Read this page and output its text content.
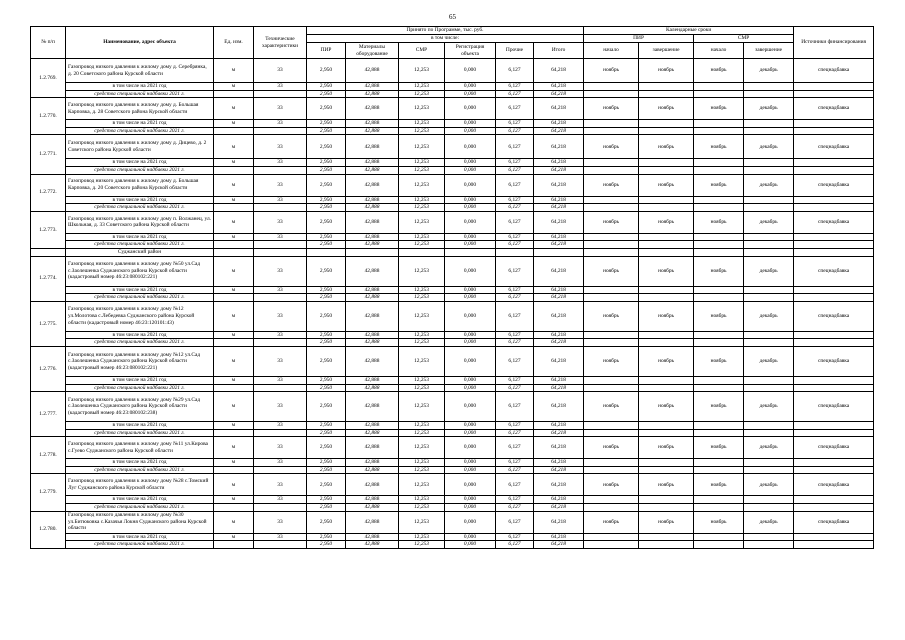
65
№ п/п	Наименование, адрес объекта	Ед. изм.	Технические характеристики	Принято по Программе, тыс. руб.						Календарные сроки				Источники финансирования
				в том числе:						ПИР		СМР		
				ПИР	Материалы оборудование	СМР	Регистрация объекта	Прочие	Итого	начало	завершение	начало	завершение	
1.2.769.	Газопровод низкого давления к жилому дому д. Серебрянка, д. 20 Советского района Курской области	м	33	2,950	42,888	12,253	0,000	6,127	64,218	ноябрь	ноябрь	ноябрь	декабрь	спецнадбавка
	в том числе на 2021 год	м	33	2,950	42,888	12,253	0,000	6,127	64,218					
	средства специальной надбавки 2021 г.			2,950	42,888	12,253	0,000	6,127	64,218					
1.2.770.	Газопровод низкого давления к жилому дому д. Большая Карповка, д. 28 Советского района Курской области	м	33	2,950	42,888	12,253	0,000	6,127	64,218	ноябрь	ноябрь	ноябрь	декабрь	спецнадбавка
	в том числе на 2021 год	м	33	2,950	42,888	12,253	0,000	6,127	64,218					
	средства специальной надбавки 2021 г.			2,950	42,888	12,253	0,000	6,127	64,218					
1.2.771.	Газопровод низкого давления к жилому дому д. Дицево, д. 2 Советского района Курской области	м	33	2,950	42,888	12,253	0,000	6,127	64,218	ноябрь	ноябрь	ноябрь	декабрь	спецнадбавка
	в том числе на 2021 год	м	33	2,950	42,888	12,253	0,000	6,127	64,218					
	средства специальной надбавки 2021 г.			2,950	42,888	12,253	0,000	6,127	64,218					
1.2.772.	Газопровод низкого давления к жилому дому д. Большая Карповка, д. 20 Советского района Курской области	м	33	2,950	42,888	12,253	0,000	6,127	64,218	ноябрь	ноябрь	ноябрь	декабрь	спецнадбавка
	в том числе на 2021 год	м	33	2,950	42,888	12,253	0,000	6,127	64,218					
	средства специальной надбавки 2021 г.			2,950	42,888	12,253	0,000	6,127	64,218					
1.2.773.	Газопровод низкого давления к жилому дому п. Волжанец, ул. Школьная, д. 33 Советского района Курской области	м	33	2,950	42,888	12,253	0,000	6,127	64,218	ноябрь	ноябрь	ноябрь	декабрь	спецнадбавка
	в том числе на 2021 год	м	33	2,950	42,888	12,253	0,000	6,127	64,218					
	средства специальной надбавки 2021 г.			2,950	42,888	12,253	0,000	6,127	64,218					
	Суджанский район													
1.2.774.	Газопровод низкого давления к жилому дому №50 ул.Сад с.Заолешенка Суджанского района Курской области (кадастровый номер 46:23:080102:221)	м	33	2,950	42,888	12,253	0,000	6,127	64,218	ноябрь	ноябрь	ноябрь	декабрь	спецнадбавка
	в том числе на 2021 год	м	33	2,950	42,888	12,253	0,000	6,127	64,218					
	средства специальной надбавки 2021 г.			2,950	42,888	12,253	0,000	6,127	64,218					
1.2.775.	Газопровод низкого давления к жилому дому №12 ул.Молотова с.Лебедевка Суджанского района Курской области (кадастровый номер 46:23:120101:43)	м	33	2,950	42,888	12,253	0,000	6,127	64,218	ноябрь	ноябрь	ноябрь	декабрь	спецнадбавка
	в том числе на 2021 год	м	33	2,950	42,888	12,253	0,000	6,127	64,218					
	средства специальной надбавки 2021 г.			2,950	42,888	12,253	0,000	6,127	64,218					
1.2.776.	Газопровод низкого давления к жилому дому №12 ул.Сад с.Заолешенка Суджанского района Курской области (кадастровый номер 46:23:080102:221)	м	33	2,950	42,888	12,253	0,000	6,127	64,218	ноябрь	ноябрь	ноябрь	декабрь	спецнадбавка
	в том числе на 2021 год	м	33	2,950	42,888	12,253	0,000	6,127	64,218					
	средства специальной надбавки 2021 г.			2,950	42,888	12,253	0,000	6,127	64,218					
1.2.777.	Газопровод низкого давления к жилому дому №29 ул.Сад с.Заолешенка Суджанского района Курской области (кадастровый номер 46:23:080102:238)	м	33	2,950	42,888	12,253	0,000	6,127	64,218	ноябрь	ноябрь	ноябрь	декабрь	спецнадбавка
	в том числе на 2021 год	м	33	2,950	42,888	12,253	0,000	6,127	64,218					
	средства специальной надбавки 2021 г.			2,950	42,888	12,253	0,000	6,127	64,218					
1.2.778.	Газопровод низкого давления к жилому дому №11 ул.Кирова с.Гуево Суджанского района Курской области	м	33	2,950	42,888	12,253	0,000	6,127	64,218	ноябрь	ноябрь	ноябрь	декабрь	спецнадбавка
	в том числе на 2021 год	м	33	2,950	42,888	12,253	0,000	6,127	64,218					
	средства специальной надбавки 2021 г.			2,950	42,888	12,253	0,000	6,127	64,218					
1.2.779.	Газопровод низкого давления к жилому дому №28 с.Томский Луг Суджанского района Курской области	м	33	2,950	42,888	12,253	0,000	6,127	64,218	ноябрь	ноябрь	ноябрь	декабрь	спецнадбавка
	в том числе на 2021 год	м	33	2,950	42,888	12,253	0,000	6,127	64,218					
	средства специальной надбавки 2021 г.			2,950	42,888	12,253	0,000	6,127	64,218					
1.2.780.	Газопровод низкого давления к жилому дому №30 ул.Битюковка с.Казачья Локня Суджанского района Курской области	м	33	2,950	42,888	12,253	0,000	6,127	64,218	ноябрь	ноябрь	ноябрь	декабрь	спецнадбавка
	в том числе на 2021 год	м	33	2,950	42,888	12,253	0,000	6,127	64,218					
	средства специальной надбавки 2021 г.			2,950	42,888	12,253	0,000	6,127	64,218					
